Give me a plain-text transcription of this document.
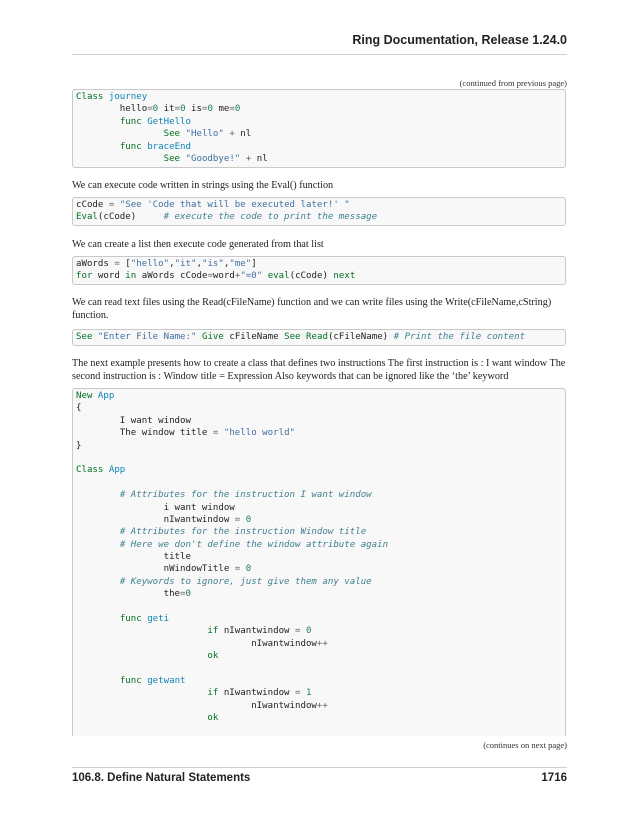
Ring Documentation, Release 1.24.0
(continued from previous page)
Class journey
hello=0 it=0 is=0 me=0
func GetHello
See "Hello" + nl
func braceEnd
See "Goodbye!" + nl
We can execute code written in strings using the Eval() function
cCode = "See 'Code that will be executed later!' "
Eval(cCode)     # execute the code to print the message
We can create a list then execute code generated from that list
aWords = ["hello","it","is","me"]
for word in aWords cCode=word+"=0" eval(cCode) next
We can read text files using the Read(cFileName) function and we can write files using the Write(cFileName,cString) function.
See "Enter File Name:" Give cFileName See Read(cFileName) # Print the file content
The next example presents how to create a class that defines two instructions The first instruction is : I want window The second instruction is : Window title = Expression Also keywords that can be ignored like the ‘the’ keyword
New App
{
I want window
The window title = "hello world"
}
Class App
# Attributes for the instruction I want window
i want window
nIwantwindow = 0
# Attributes for the instruction Window title
# Here we don't define the window attribute again
title
nWindowTitle = 0
# Keywords to ignore, just give them any value
the=0
func geti
if nIwantwindow = 0
nIwantwindow++
ok
func getwant
if nIwantwindow = 1
nIwantwindow++
ok
(continues on next page)
106.8. Define Natural Statements	1716
